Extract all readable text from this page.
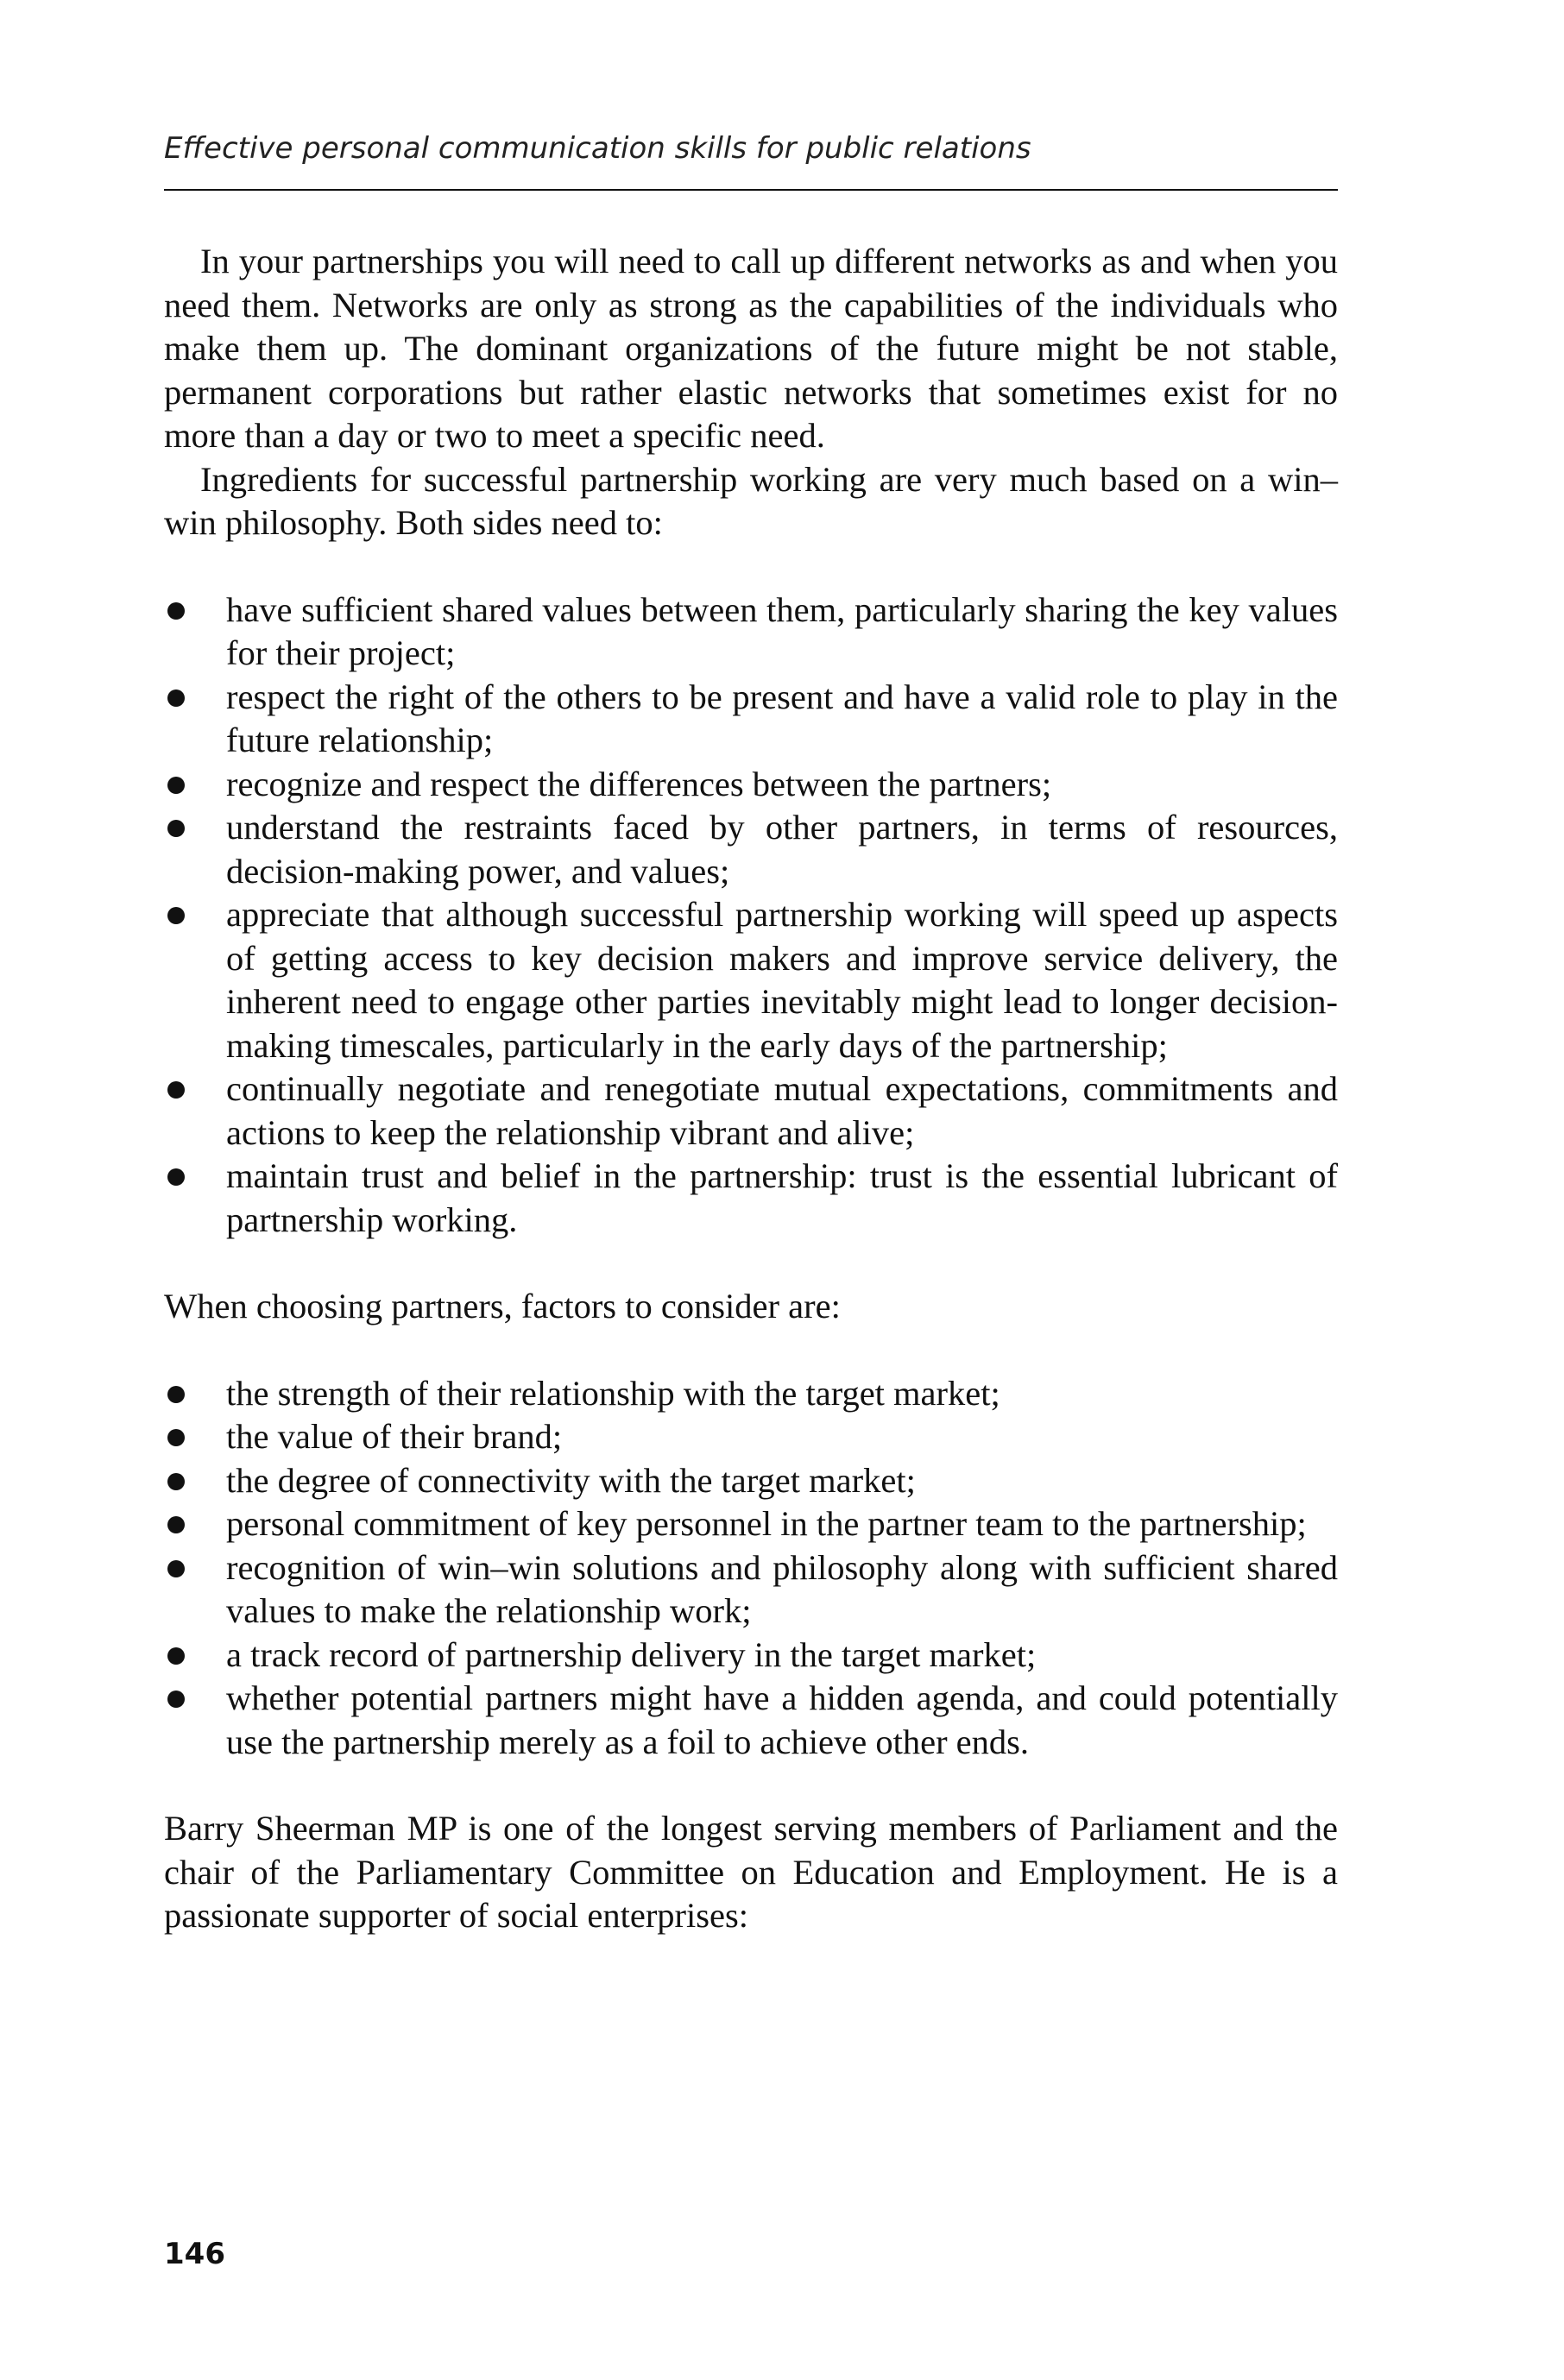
Effective personal communication skills for public relations

In your partnerships you will need to call up different networks as and when you need them. Networks are only as strong as the capabilities of the individuals who make them up. The dominant organizations of the future might be not stable, permanent corporations but rather elastic networks that sometimes exist for no more than a day or two to meet a specific need.

Ingredients for successful partnership working are very much based on a win–win philosophy. Both sides need to:

have sufficient shared values between them, particularly sharing the key values for their project;
respect the right of the others to be present and have a valid role to play in the future relationship;
recognize and respect the differences between the partners;
understand the restraints faced by other partners, in terms of resources, decision-making power, and values;
appreciate that although successful partnership working will speed up aspects of getting access to key decision makers and improve service delivery, the inherent need to engage other parties inevitably might lead to longer decision-making timescales, particularly in the early days of the partnership;
continually negotiate and renegotiate mutual expectations, commitments and actions to keep the relationship vibrant and alive;
maintain trust and belief in the partnership: trust is the essential lubricant of partnership working.

When choosing partners, factors to consider are:

the strength of their relationship with the target market;
the value of their brand;
the degree of connectivity with the target market;
personal commitment of key personnel in the partner team to the partnership;
recognition of win–win solutions and philosophy along with sufficient shared values to make the relationship work;
a track record of partnership delivery in the target market;
whether potential partners might have a hidden agenda, and could potentially use the partnership merely as a foil to achieve other ends.

Barry Sheerman MP is one of the longest serving members of Parliament and the chair of the Parliamentary Committee on Education and Employment. He is a passionate supporter of social enterprises:

146
